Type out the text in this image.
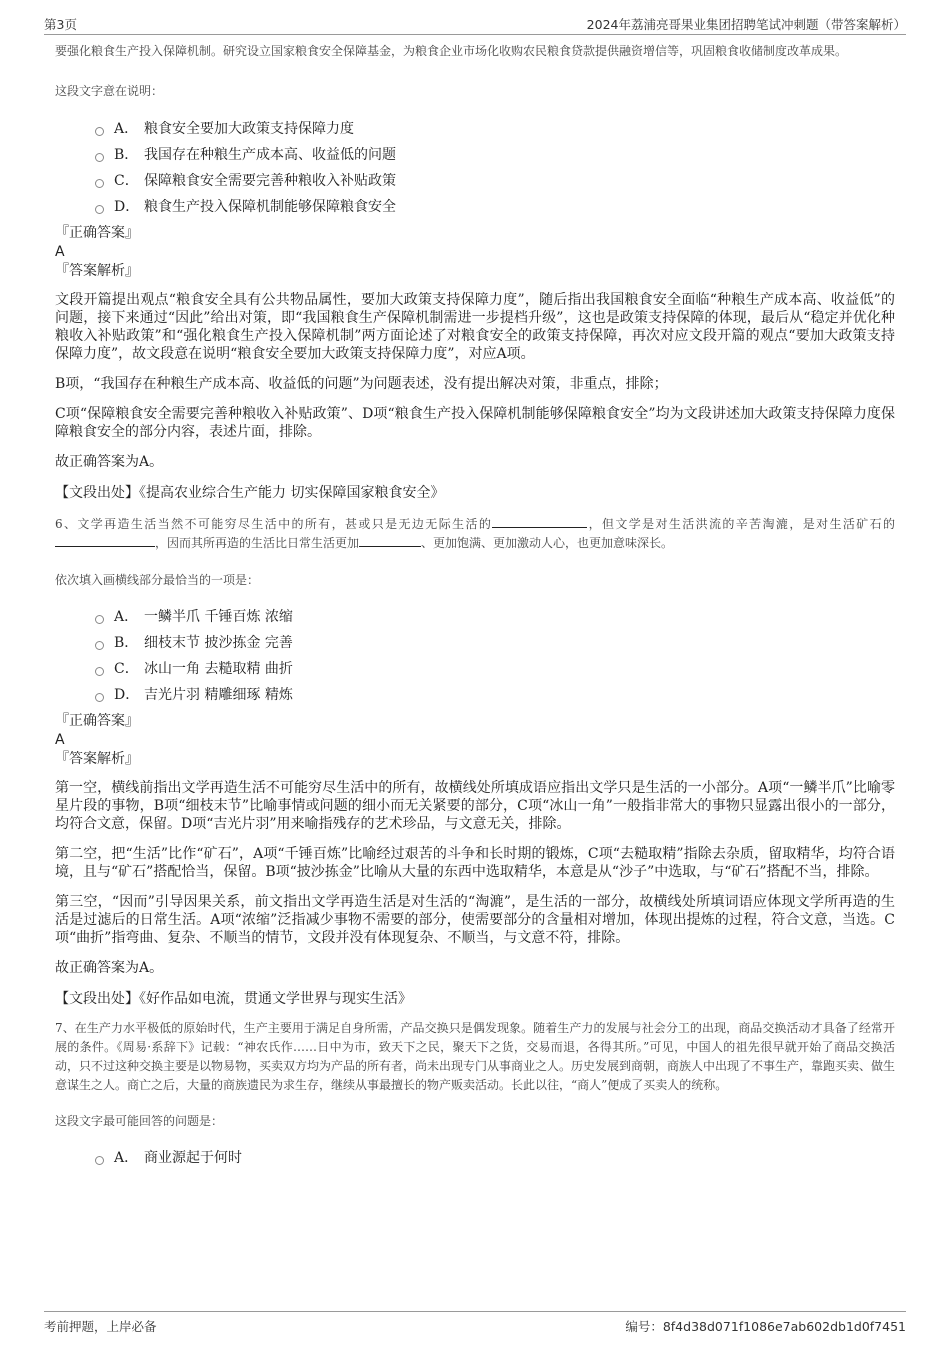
第3页	2024年荔浦亮哥果业集团招聘笔试冲刺题（带答案解析）

要强化粮食生产投入保障机制。研究设立国家粮食安全保障基金，为粮食企业市场化收购农民粮食贷款提供融资增信等，巩固粮食收储制度改革成果。

这段文字意在说明：

A． 粮食安全要加大政策支持保障力度
B． 我国存在种粮生产成本高、收益低的问题
C． 保障粮食安全需要完善种粮收入补贴政策
D． 粮食生产投入保障机制能够保障粮食安全

『正确答案』

A

『答案解析』

文段开篇提出观点“粮食安全具有公共物品属性，要加大政策支持保障力度”，随后指出我国粮食安全面临“种粮生产成本高、收益低”的问题，接下来通过“因此”给出对策，即“我国粮食生产保障机制需进一步提档升级”，这也是政策支持保障的体现，最后从“稳定并优化种粮收入补贴政策”和“强化粮食生产投入保障机制”两方面论述了对粮食安全的政策支持保障，再次对应文段开篇的观点“要加大政策支持保障力度”，故文段意在说明“粮食安全要加大政策支持保障力度”，对应A项。

B项，“我国存在种粮生产成本高、收益低的问题”为问题表述，没有提出解决对策，非重点，排除；

C项“保障粮食安全需要完善种粮收入补贴政策”、D项“粮食生产投入保障机制能够保障粮食安全”均为文段讲述加大政策支持保障力度保障粮食安全的部分内容，表述片面，排除。

故正确答案为A。

【文段出处】《提高农业综合生产能力 切实保障国家粮食安全》

6、文学再造生活当然不可能穷尽生活中的所有，甚或只是无边无际生活的	，但文学是对生活洪流的辛苦淘漉，是对生活矿石的，因而其所再造的生活比日常生活更加	、更加饱满、更加激动人心，也更加意味深长。

依次填入画横线部分最恰当的一项是：

A． 一鳞半爪 千锤百炼 浓缩
B． 细枝末节 披沙拣金 完善
C． 冰山一角 去糙取精 曲折
D． 吉光片羽 精雕细琢 精炼

『正确答案』

A

『答案解析』

第一空，横线前指出文学再造生活不可能穷尽生活中的所有，故横线处所填成语应指出文学只是生活的一小部分。A项“一鳞半爪”比喻零星片段的事物，B项“细枝末节”比喻事情或问题的细小而无关紧要的部分，C项“冰山一角”一般指非常大的事物只显露出很小的一部分，均符合文意，保留。D项“吉光片羽”用来喻指残存的艺术珍品，与文意无关，排除。

第二空，把“生活”比作“矿石”，A项“千锤百炼”比喻经过艰苦的斗争和长时期的锻炼，C项“去糙取精”指除去杂质，留取精华，均符合语境，且与“矿石”搭配恰当，保留。B项“披沙拣金”比喻从大量的东西中选取精华，本意是从“沙子”中选取，与“矿石”搭配不当，排除。

第三空，“因而”引导因果关系，前文指出文学再造生活是对生活的“淘漉”，是生活的一部分，故横线处所填词语应体现文学所再造的生活是过滤后的日常生活。A项“浓缩”泛指减少事物不需要的部分，使需要部分的含量相对增加，体现出提炼的过程，符合文意，当选。C项“曲折”指弯曲、复杂、不顺当的情节，文段并没有体现复杂、不顺当，与文意不符，排除。

故正确答案为A。

【文段出处】《好作品如电流，贯通文学世界与现实生活》

7、在生产力水平极低的原始时代，生产主要用于满足自身所需，产品交换只是偶发现象。随着生产力的发展与社会分工的出现，商品交换活动才具备了经常开展的条件。《周易·系辞下》记载：“神农氏作……日中为市，致天下之民，聚天下之货，交易而退，各得其所。”可见，中国人的祖先很早就开始了商品交换活动，只不过这种交换主要是以物易物，买卖双方均为产品的所有者，尚未出现专门从事商业之人。历史发展到商朝，商族人中出现了不事生产，靠跑买卖、做生意谋生之人。商亡之后，大量的商族遗民为求生存，继续从事最擅长的物产贩卖活动。长此以往，“商人”便成了买卖人的统称。

这段文字最可能回答的问题是：

A． 商业源起于何时
考前押题，上岸必备	编号：8f4d38d071f1086e7ab602db1d0f7451
